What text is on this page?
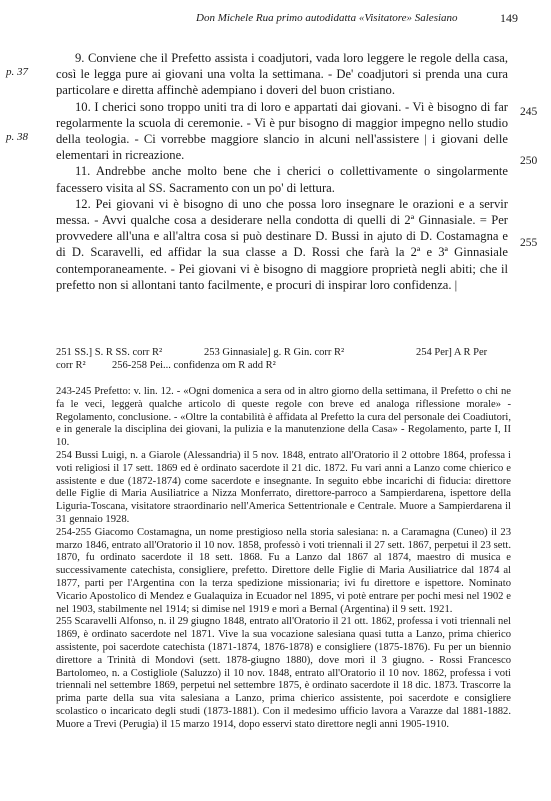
Don Michele Rua primo autodidatta «Visitatore» Salesiano	149
p. 37
p. 38
245
250
255

9. Conviene che il Prefetto assista i coadjutori, vada loro leggere le regole della casa, così le legga pure ai giovani una volta la settimana. - De' coadjutori si prenda una cura particolare e diretta affinchè adempiano i doveri del buon cristiano.

10. I cherici sono troppo uniti tra di loro e appartati dai giovani. - Vi è bisogno di far regolarmente la scuola di ceremonie. - Vi è pur bisogno di maggior impegno nello studio della teologia. - Ci vorrebbe maggiore slancio in alcuni nell'assistere | i giovani delle elementari in ricreazione.

11. Andrebbe anche molto bene che i cherici o collettivamente o singolarmente facessero visita al SS. Sacramento con un po' di lettura.

12. Pei giovani vi è bisogno di uno che possa loro insegnare le orazioni e a servir messa. - Avvi qualche cosa a desiderare nella condotta di quelli di 2ª Ginnasiale. = Per provvedere all'una e all'altra cosa si può destinare D. Bussi in ajuto di D. Costamagna e di D. Scaravelli, ed affidar la sua classe a D. Rossi che farà la 2ª e 3ª Ginnasiale contemporaneamente. - Pei giovani vi è bisogno di maggiore proprietà negli abiti; che il prefetto non si allontani tanto facilmente, e procuri di inspirar loro confidenza. |

251 SS.] S. R SS. corr R²	253 Ginnasiale] g. R Gin. corr R²	254 Per] A R Per
corr R²	256-258 Pei... confidenza om R add R²

243-245 Prefetto: v. lin. 12. - «Ogni domenica a sera od in altro giorno della settimana, il Prefetto o chi ne fa le veci, leggerà qualche articolo di queste regole con breve ed analoga riflessione morale» - Regolamento, conclusione. - «Oltre la contabilità è affidata al Prefetto la cura del personale dei Coadiutori, e in generale la disciplina dei giovani, la pulizia e la manutenzione della Casa» - Regolamento, parte I, II 10.

254 Bussi Luigi, n. a Giarole (Alessandria) il 5 nov. 1848, entrato all'Oratorio il 2 ottobre 1864, professa i voti religiosi il 17 sett. 1869 ed è ordinato sacerdote il 21 dic. 1872. Fu vari anni a Lanzo come chierico e assistente e due (1872-1874) come sacerdote e insegnante. In seguito ebbe incarichi di fiducia: direttore delle Figlie di Maria Ausiliatrice a Nizza Monferrato, direttore-parroco a Sampierdarena, ispettore della Liguria-Toscana, visitatore straordinario nell'America Settentrionale e Centrale. Muore a Sampierdarena il 31 gennaio 1928.

254-255 Giacomo Costamagna, un nome prestigioso nella storia salesiana: n. a Caramagna (Cuneo) il 23 marzo 1846, entrato all'Oratorio il 10 nov. 1858, professò i voti triennali il 27 sett. 1867, perpetui il 23 sett. 1870, fu ordinato sacerdote il 18 sett. 1868. Fu a Lanzo dal 1867 al 1874, maestro di musica e successivamente catechista, consigliere, prefetto. Direttore delle Figlie di Maria Ausiliatrice dal 1874 al 1877, parti per l'Argentina con la terza spedizione missionaria; ivi fu direttore e ispettore. Nominato Vicario Apostolico di Mendez e Gualaquiza in Ecuador nel 1895, vi potè entrare per pochi mesi nel 1902 e nel 1903, stabilmente nel 1914; si dimise nel 1919 e morì a Bernal (Argentina) il 9 sett. 1921.

255 Scaravelli Alfonso, n. il 29 giugno 1848, entrato all'Oratorio il 21 ott. 1862, professa i voti triennali nel 1869, è ordinato sacerdote nel 1871. Vive la sua vocazione salesiana quasi tutta a Lanzo, prima chierico assistente, poi sacerdote catechista (1871-1874, 1876-1878) e consigliere (1875-1876). Fu per un biennio direttore a Trinità di Mondovì (sett. 1878-giugno 1880), dove morì il 3 giugno. - Rossi Francesco Bartolomeo, n. a Costigliole (Saluzzo) il 10 nov. 1848, entrato all'Oratorio il 10 nov. 1862, professa i voti triennali nel settembre 1869, perpetui nel settembre 1875, è ordinato sacerdote il 18 dic. 1873. Trascorre la prima parte della sua vita salesiana a Lanzo, prima chierico assistente, poi sacerdote e consigliere scolastico o incaricato degli studi (1873-1881). Con il medesimo ufficio lavora a Varazze dal 1881-1882. Muore a Trevi (Perugia) il 15 marzo 1914, dopo esservi stato direttore negli anni 1905-1910.
